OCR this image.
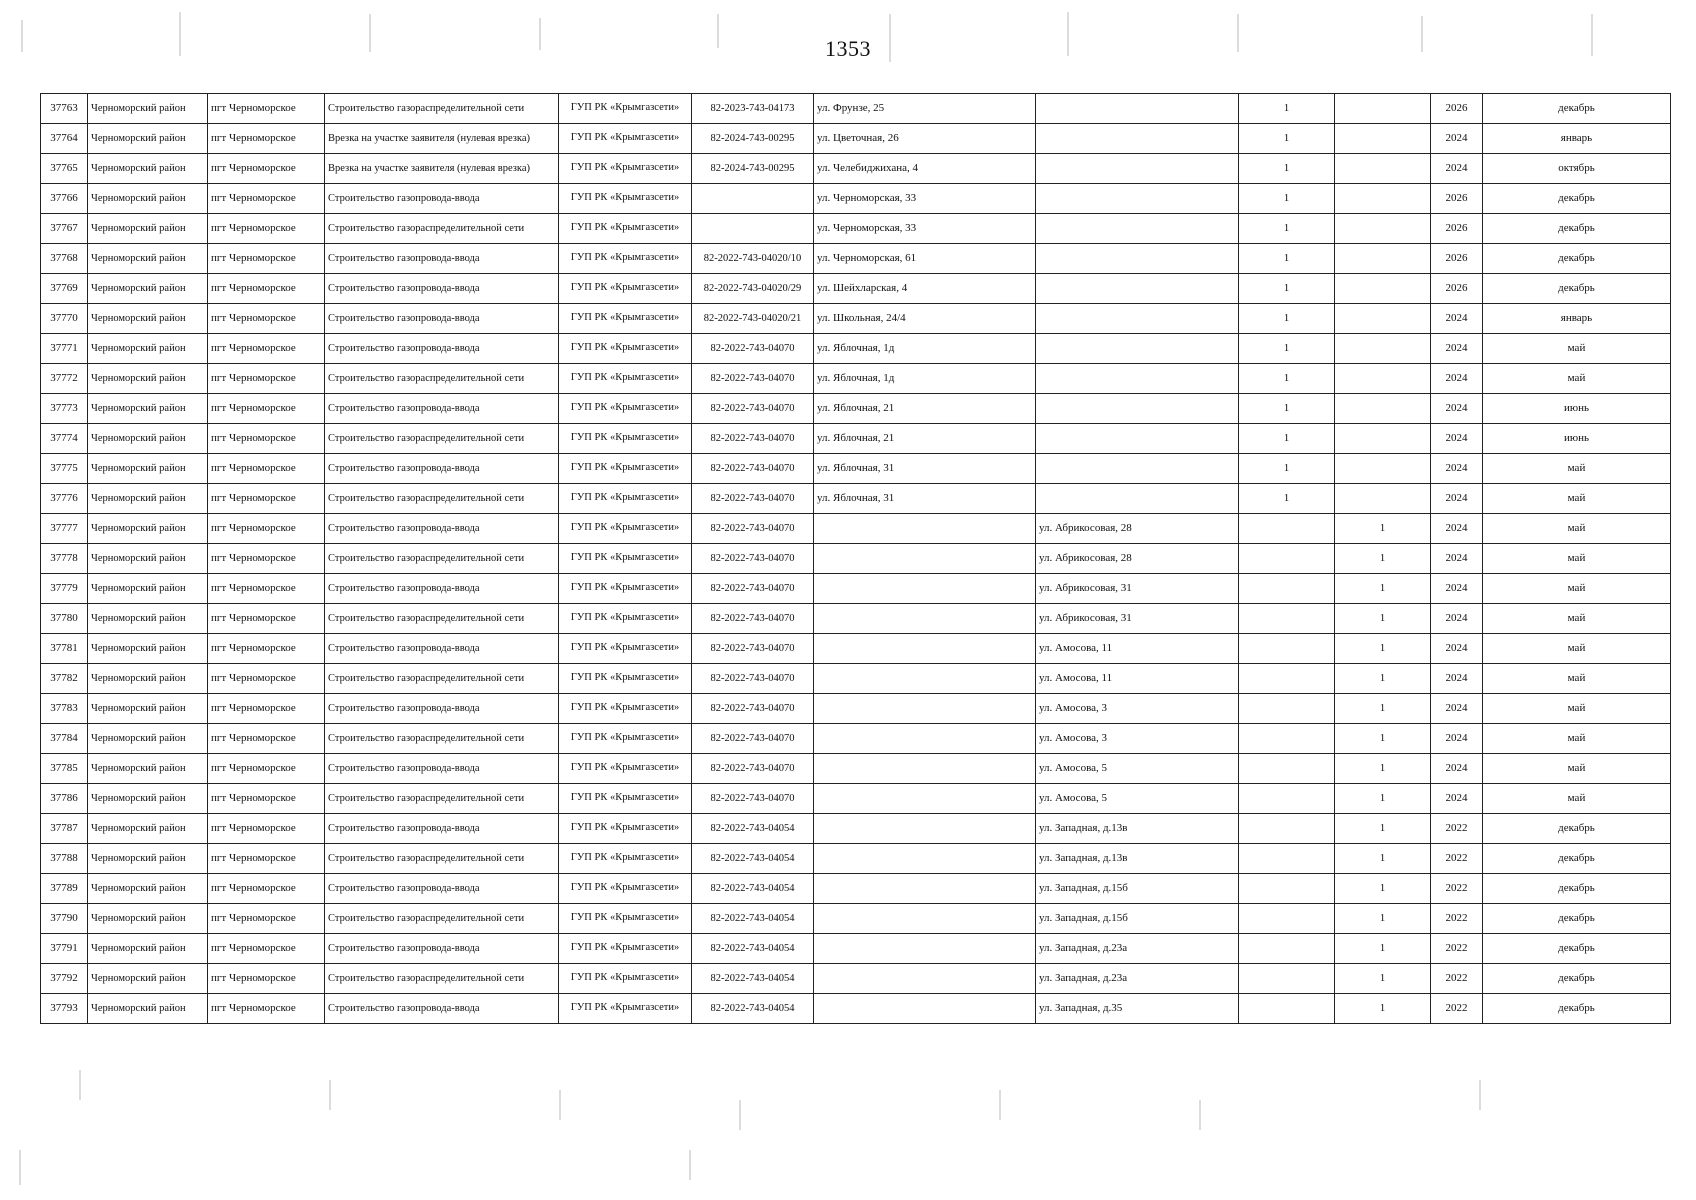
1353
37763	Черноморский район	пгт Черноморское	Строительство газораспределительной сети	ГУП РК «Крымгазсети»	82-2023-743-04173	ул. Фрунзе, 25		1		2026	декабрь
37764	Черноморский район	пгт Черноморское	Врезка на участке заявителя (нулевая врезка)	ГУП РК «Крымгазсети»	82-2024-743-00295	ул. Цветочная, 26		1		2024	январь
37765	Черноморский район	пгт Черноморское	Врезка на участке заявителя (нулевая врезка)	ГУП РК «Крымгазсети»	82-2024-743-00295	ул. Челебиджихана, 4		1		2024	октябрь
37766	Черноморский район	пгт Черноморское	Строительство газопровода-ввода	ГУП РК «Крымгазсети»		ул. Черноморская, 33		1		2026	декабрь
37767	Черноморский район	пгт Черноморское	Строительство газораспределительной сети	ГУП РК «Крымгазсети»		ул. Черноморская, 33		1		2026	декабрь
37768	Черноморский район	пгт Черноморское	Строительство газопровода-ввода	ГУП РК «Крымгазсети»	82-2022-743-04020/10	ул. Черноморская, 61		1		2026	декабрь
37769	Черноморский район	пгт Черноморское	Строительство газопровода-ввода	ГУП РК «Крымгазсети»	82-2022-743-04020/29	ул. Шейхларская, 4		1		2026	декабрь
37770	Черноморский район	пгт Черноморское	Строительство газопровода-ввода	ГУП РК «Крымгазсети»	82-2022-743-04020/21	ул. Школьная, 24/4		1		2024	январь
37771	Черноморский район	пгт Черноморское	Строительство газопровода-ввода	ГУП РК «Крымгазсети»	82-2022-743-04070	ул. Яблочная, 1д		1		2024	май
37772	Черноморский район	пгт Черноморское	Строительство газораспределительной сети	ГУП РК «Крымгазсети»	82-2022-743-04070	ул. Яблочная, 1д		1		2024	май
37773	Черноморский район	пгт Черноморское	Строительство газопровода-ввода	ГУП РК «Крымгазсети»	82-2022-743-04070	ул. Яблочная, 21		1		2024	июнь
37774	Черноморский район	пгт Черноморское	Строительство газораспределительной сети	ГУП РК «Крымгазсети»	82-2022-743-04070	ул. Яблочная, 21		1		2024	июнь
37775	Черноморский район	пгт Черноморское	Строительство газопровода-ввода	ГУП РК «Крымгазсети»	82-2022-743-04070	ул. Яблочная, 31		1		2024	май
37776	Черноморский район	пгт Черноморское	Строительство газораспределительной сети	ГУП РК «Крымгазсети»	82-2022-743-04070	ул. Яблочная, 31		1		2024	май
37777	Черноморский район	пгт Черноморское	Строительство газопровода-ввода	ГУП РК «Крымгазсети»	82-2022-743-04070		ул. Абрикосовая, 28		1	2024	май
37778	Черноморский район	пгт Черноморское	Строительство газораспределительной сети	ГУП РК «Крымгазсети»	82-2022-743-04070		ул. Абрикосовая, 28		1	2024	май
37779	Черноморский район	пгт Черноморское	Строительство газопровода-ввода	ГУП РК «Крымгазсети»	82-2022-743-04070		ул. Абрикосовая, 31		1	2024	май
37780	Черноморский район	пгт Черноморское	Строительство газораспределительной сети	ГУП РК «Крымгазсети»	82-2022-743-04070		ул. Абрикосовая, 31		1	2024	май
37781	Черноморский район	пгт Черноморское	Строительство газопровода-ввода	ГУП РК «Крымгазсети»	82-2022-743-04070		ул. Амосова, 11		1	2024	май
37782	Черноморский район	пгт Черноморское	Строительство газораспределительной сети	ГУП РК «Крымгазсети»	82-2022-743-04070		ул. Амосова, 11		1	2024	май
37783	Черноморский район	пгт Черноморское	Строительство газопровода-ввода	ГУП РК «Крымгазсети»	82-2022-743-04070		ул. Амосова, 3		1	2024	май
37784	Черноморский район	пгт Черноморское	Строительство газораспределительной сети	ГУП РК «Крымгазсети»	82-2022-743-04070		ул. Амосова, 3		1	2024	май
37785	Черноморский район	пгт Черноморское	Строительство газопровода-ввода	ГУП РК «Крымгазсети»	82-2022-743-04070		ул. Амосова, 5		1	2024	май
37786	Черноморский район	пгт Черноморское	Строительство газораспределительной сети	ГУП РК «Крымгазсети»	82-2022-743-04070		ул. Амосова, 5		1	2024	май
37787	Черноморский район	пгт Черноморское	Строительство газопровода-ввода	ГУП РК «Крымгазсети»	82-2022-743-04054		ул. Западная, д.13в		1	2022	декабрь
37788	Черноморский район	пгт Черноморское	Строительство газораспределительной сети	ГУП РК «Крымгазсети»	82-2022-743-04054		ул. Западная, д.13в		1	2022	декабрь
37789	Черноморский район	пгт Черноморское	Строительство газопровода-ввода	ГУП РК «Крымгазсети»	82-2022-743-04054		ул. Западная, д.15б		1	2022	декабрь
37790	Черноморский район	пгт Черноморское	Строительство газораспределительной сети	ГУП РК «Крымгазсети»	82-2022-743-04054		ул. Западная, д.15б		1	2022	декабрь
37791	Черноморский район	пгт Черноморское	Строительство газопровода-ввода	ГУП РК «Крымгазсети»	82-2022-743-04054		ул. Западная, д.23а		1	2022	декабрь
37792	Черноморский район	пгт Черноморское	Строительство газораспределительной сети	ГУП РК «Крымгазсети»	82-2022-743-04054		ул. Западная, д.23а		1	2022	декабрь
37793	Черноморский район	пгт Черноморское	Строительство газопровода-ввода	ГУП РК «Крымгазсети»	82-2022-743-04054		ул. Западная, д.35		1	2022	декабрь
